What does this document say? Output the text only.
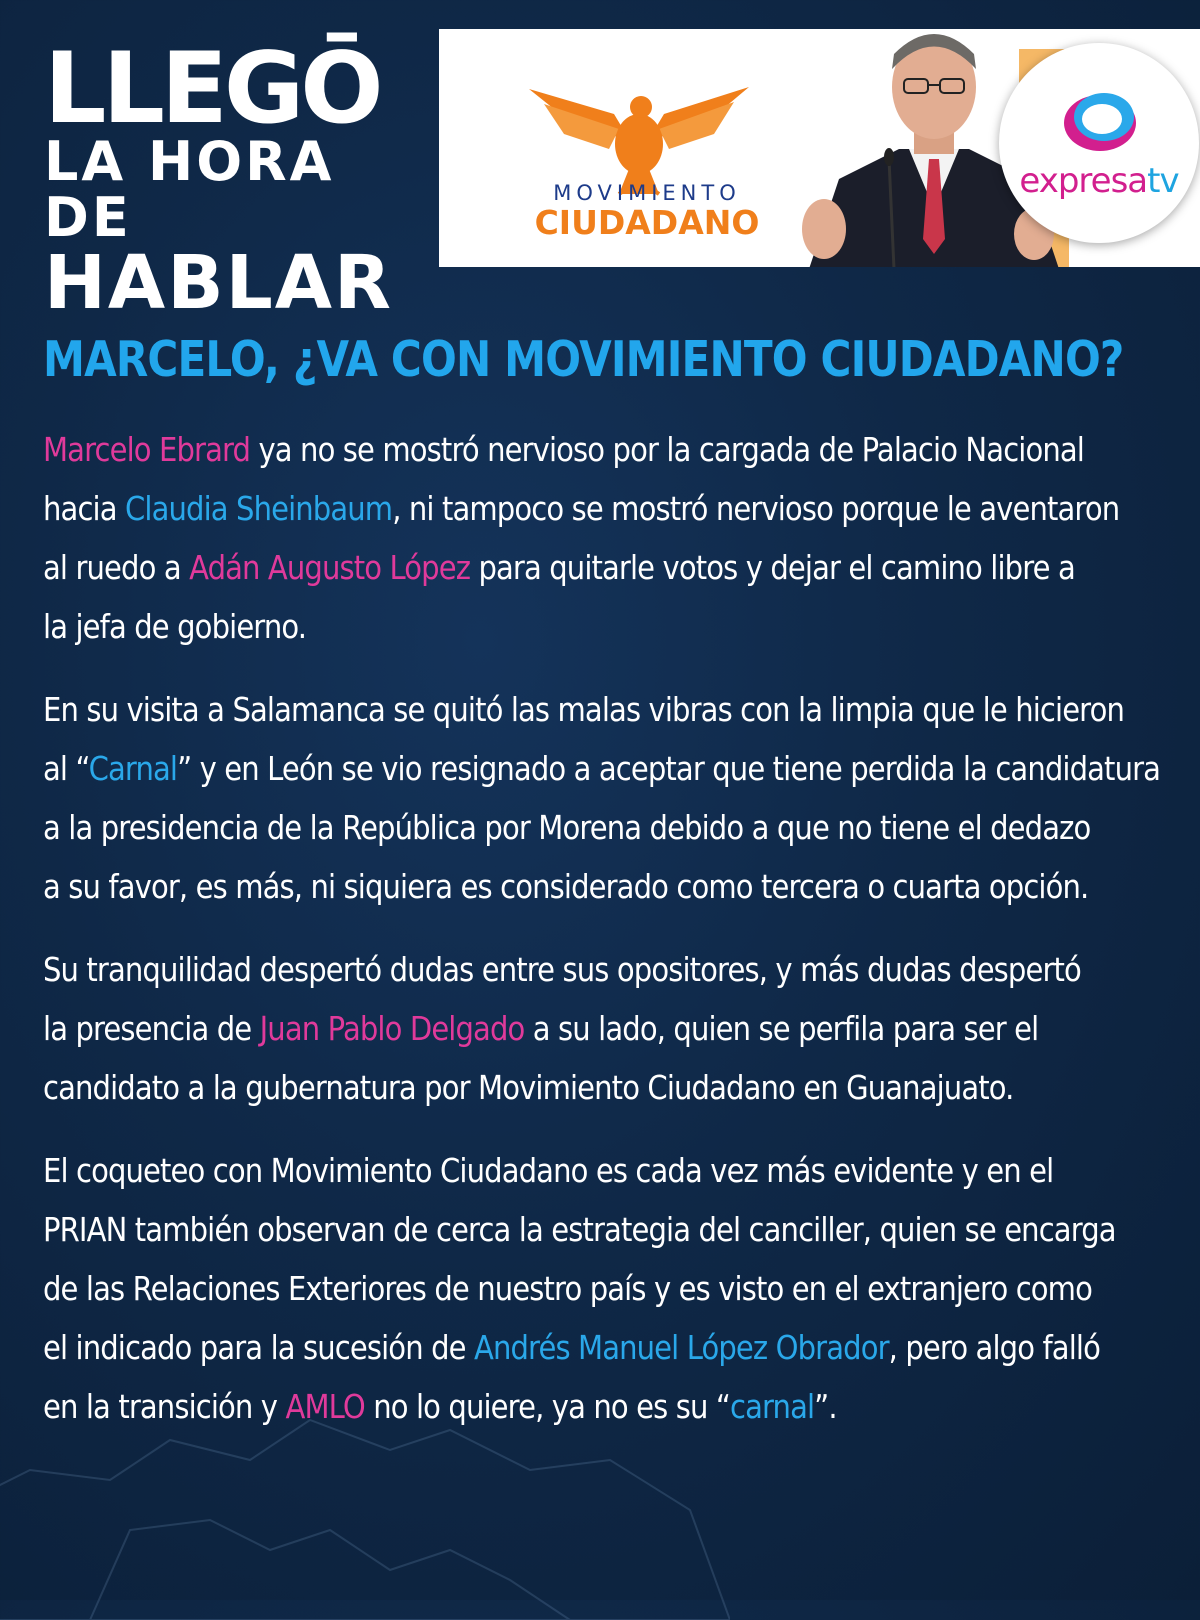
LLEGŌ

LA HORA DE

HABLAR

MOVIMIENTO
CIUDADANO
expresatv
MARCELO, ¿VA CON MOVIMIENTO CIUDADANO?
Marcelo Ebrard ya no se mostró nervioso por la cargada de Palacio Nacional
hacia Claudia Sheinbaum, ni tampoco se mostró nervioso porque le aventaron
al ruedo a Adán Augusto López para quitarle votos y dejar el camino libre a
la jefa de gobierno.
En su visita a Salamanca se quitó las malas vibras con la limpia que le hicieron
al “Carnal” y en León se vio resignado a aceptar que tiene perdida la candidatura
a la presidencia de la República por Morena debido a que no tiene el dedazo
a su favor, es más, ni siquiera es considerado como tercera o cuarta opción.
Su tranquilidad despertó dudas entre sus opositores, y más dudas despertó
la presencia de Juan Pablo Delgado a su lado, quien se perfila para ser el
candidato a la gubernatura por Movimiento Ciudadano en Guanajuato.
El coqueteo con Movimiento Ciudadano es cada vez más evidente y en el
PRIAN también observan de cerca la estrategia del canciller, quien se encarga
de las Relaciones Exteriores de nuestro país y es visto en el extranjero como
el indicado para la sucesión de Andrés Manuel López Obrador, pero algo falló
en la transición y AMLO no lo quiere, ya no es su “carnal”.
